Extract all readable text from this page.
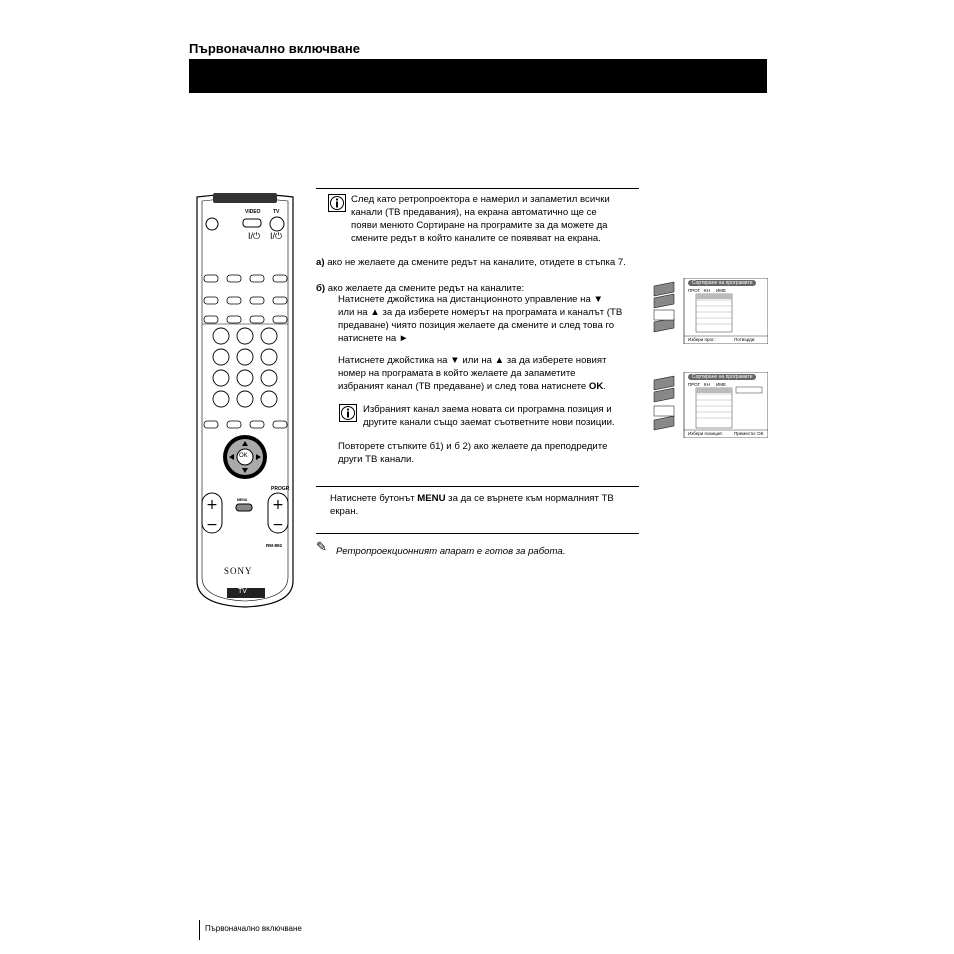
Първоначално включване
+
−
+
−
VIDEO TV
I/⏻ I/⏻
OK
MENU
PROGR
RM-892
SONY
TV
След като ретропроектора е намерил и запаметил всички
канали (ТВ предавания), на екрана автоматично ще се
появи менюто Сортиране на програмите за да можете да
смените редът в който каналите се появяват на екрана.
а) ако не желаете да смените редът на каналите, отидете в стъпка 7.
б) ако желаете да смените редът на каналите:
Натиснете джойстика на дистанционното управление на ▼
или на ▲ за да изберете номерът на програмата и каналът (ТВ
предаване) чиято позиция желаете да смените и след това го
натиснете на ►
Натиснете джойстика на ▼ или на ▲ за да изберете новият
номер на програмата в който желаете да запаметите
избраният канал (ТВ предаване) и след това натиснете OK.
Избраният канал заема новата си програмна позиция и
другите канали също заемат съответните нови позиции.
Повторете стъпките б1) и б 2) ако желаете да преподредите
други ТВ канали.
Натиснете бутонът MENU за да се върнете към нормалният ТВ
екран.
✎ Ретропроекционният апарат е готов за работа.
Сортиране на програмите
ПРОГ КН ИМЕ
Избери прог.:	Потвърди:
Сортиране на програмите
ПРОГ КН ИМЕ
Избери позиция: Премести: OK
Първоначално включване
